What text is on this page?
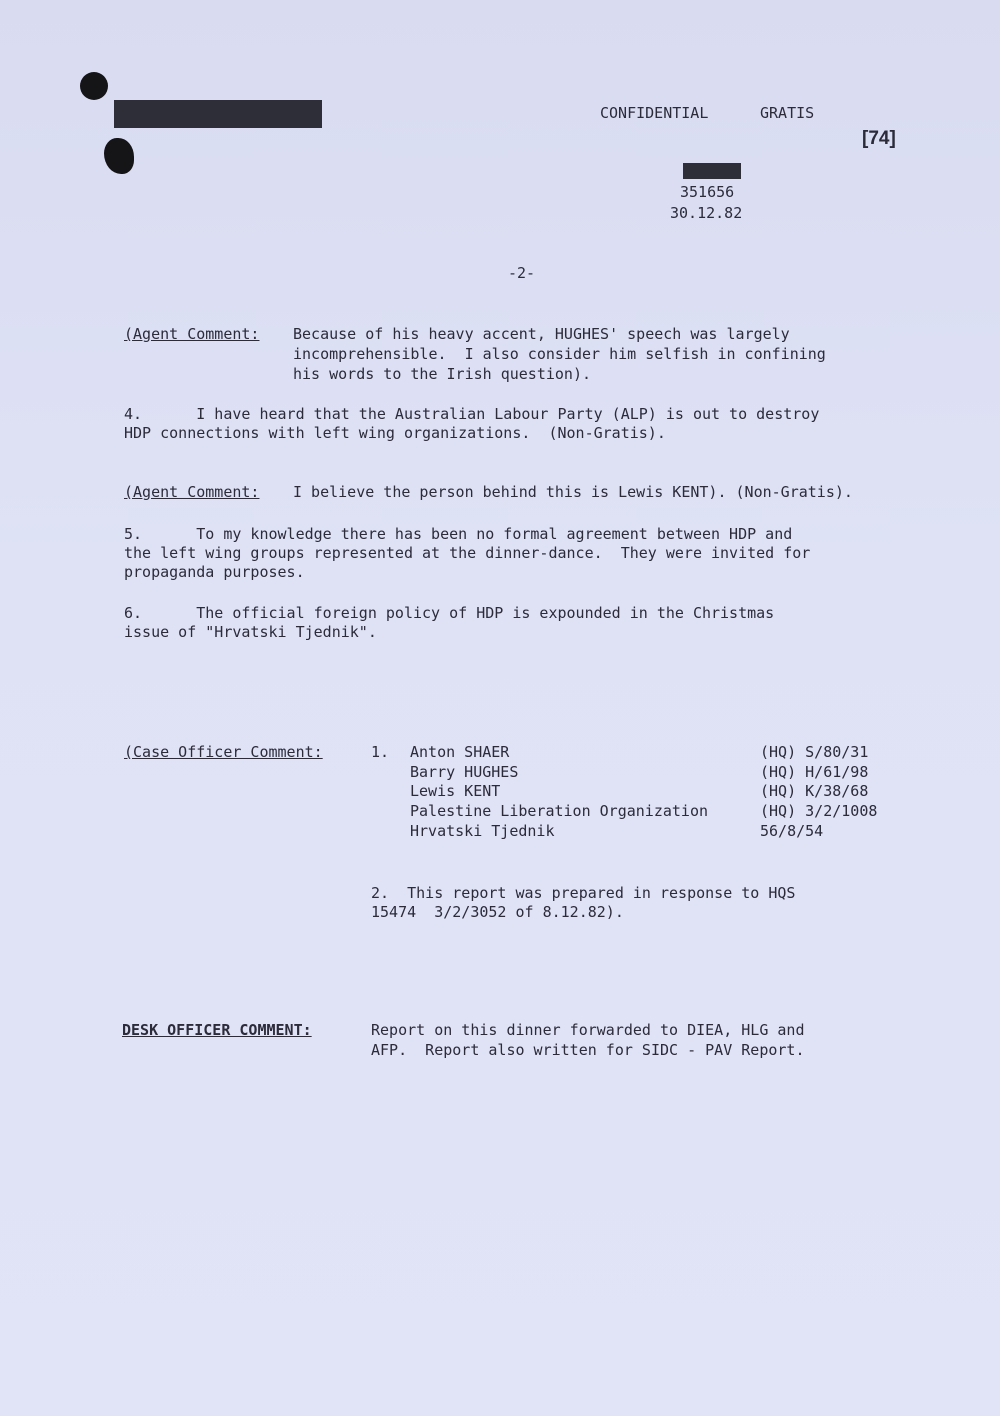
CONFIDENTIAL	GRATIS
[74]
351656
30.12.82
-2-
(Agent Comment: Because of his heavy accent, HUGHES' speech was largely
incomprehensible.  I also consider him selfish in confining
his words to the Irish question).
4.      I have heard that the Australian Labour Party (ALP) is out to destroy
HDP connections with left wing organizations.  (Non-Gratis).
(Agent Comment: I believe the person behind this is Lewis KENT). (Non-Gratis).
5.      To my knowledge there has been no formal agreement between HDP and
the left wing groups represented at the dinner-dance.  They were invited for
propaganda purposes.
6.      The official foreign policy of HDP is expounded in the Christmas
issue of "Hrvatski Tjednik".
(Case Officer Comment:	1. Anton SHAER	(HQ) S/80/31
Barry HUGHES	(HQ) H/61/98
Lewis KENT	(HQ) K/38/68
Palestine Liberation Organization	(HQ) 3/2/1008
Hrvatski Tjednik	56/8/54
2.  This report was prepared in response to HQS
15474  3/2/3052 of 8.12.82).
DESK OFFICER COMMENT:	Report on this dinner forwarded to DIEA, HLG and
AFP.  Report also written for SIDC - PAV Report.
